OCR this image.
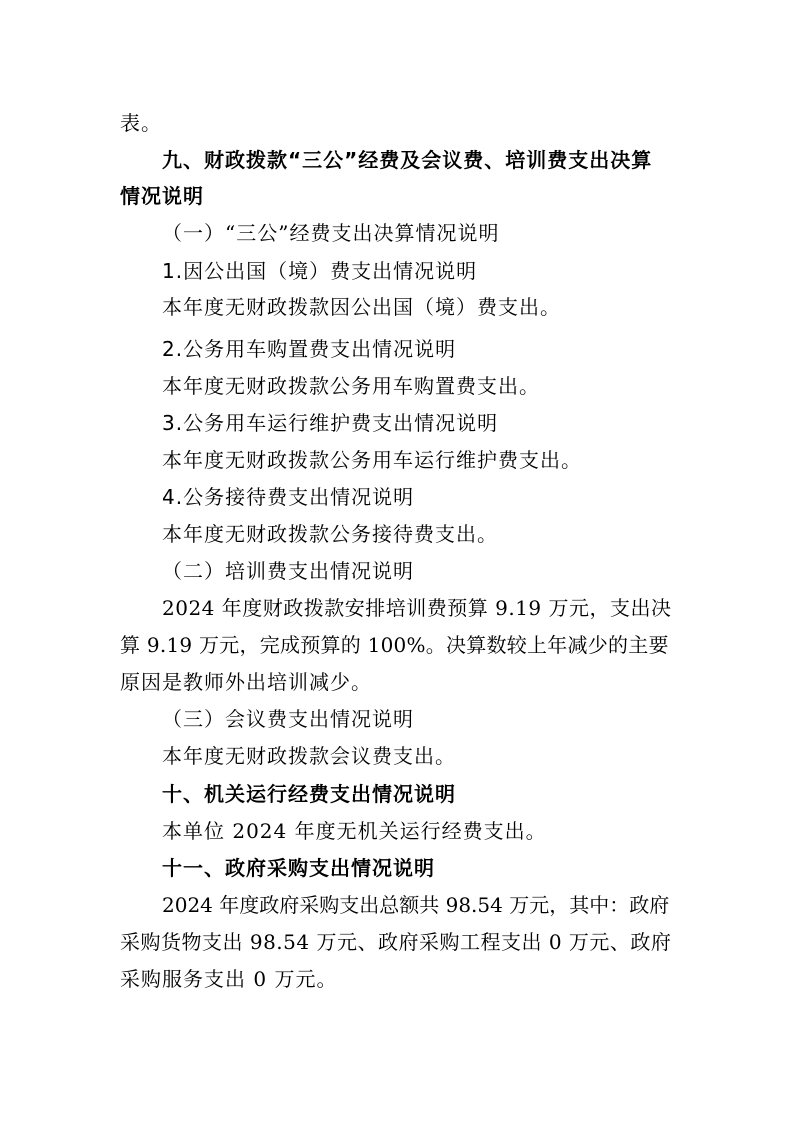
表。

九、财政拨款“三公”经费及会议费、培训费支出决算

情况说明

（一）“三公”经费支出决算情况说明

1.因公出国（境）费支出情况说明

本年度无财政拨款因公出国（境）费支出。

2.公务用车购置费支出情况说明

本年度无财政拨款公务用车购置费支出。

3.公务用车运行维护费支出情况说明

本年度无财政拨款公务用车运行维护费支出。

4.公务接待费支出情况说明

本年度无财政拨款公务接待费支出。

（二）培训费支出情况说明

2024 年度财政拨款安排培训费预算 9.19 万元，支出决

算 9.19 万元，完成预算的 100%。决算数较上年减少的主要

原因是教师外出培训减少。

（三）会议费支出情况说明

本年度无财政拨款会议费支出。

十、机关运行经费支出情况说明

本单位 2024 年度无机关运行经费支出。

十一、政府采购支出情况说明

2024 年度政府采购支出总额共 98.54 万元，其中：政府

采购货物支出 98.54 万元、政府采购工程支出 0 万元、政府

采购服务支出 0 万元。
